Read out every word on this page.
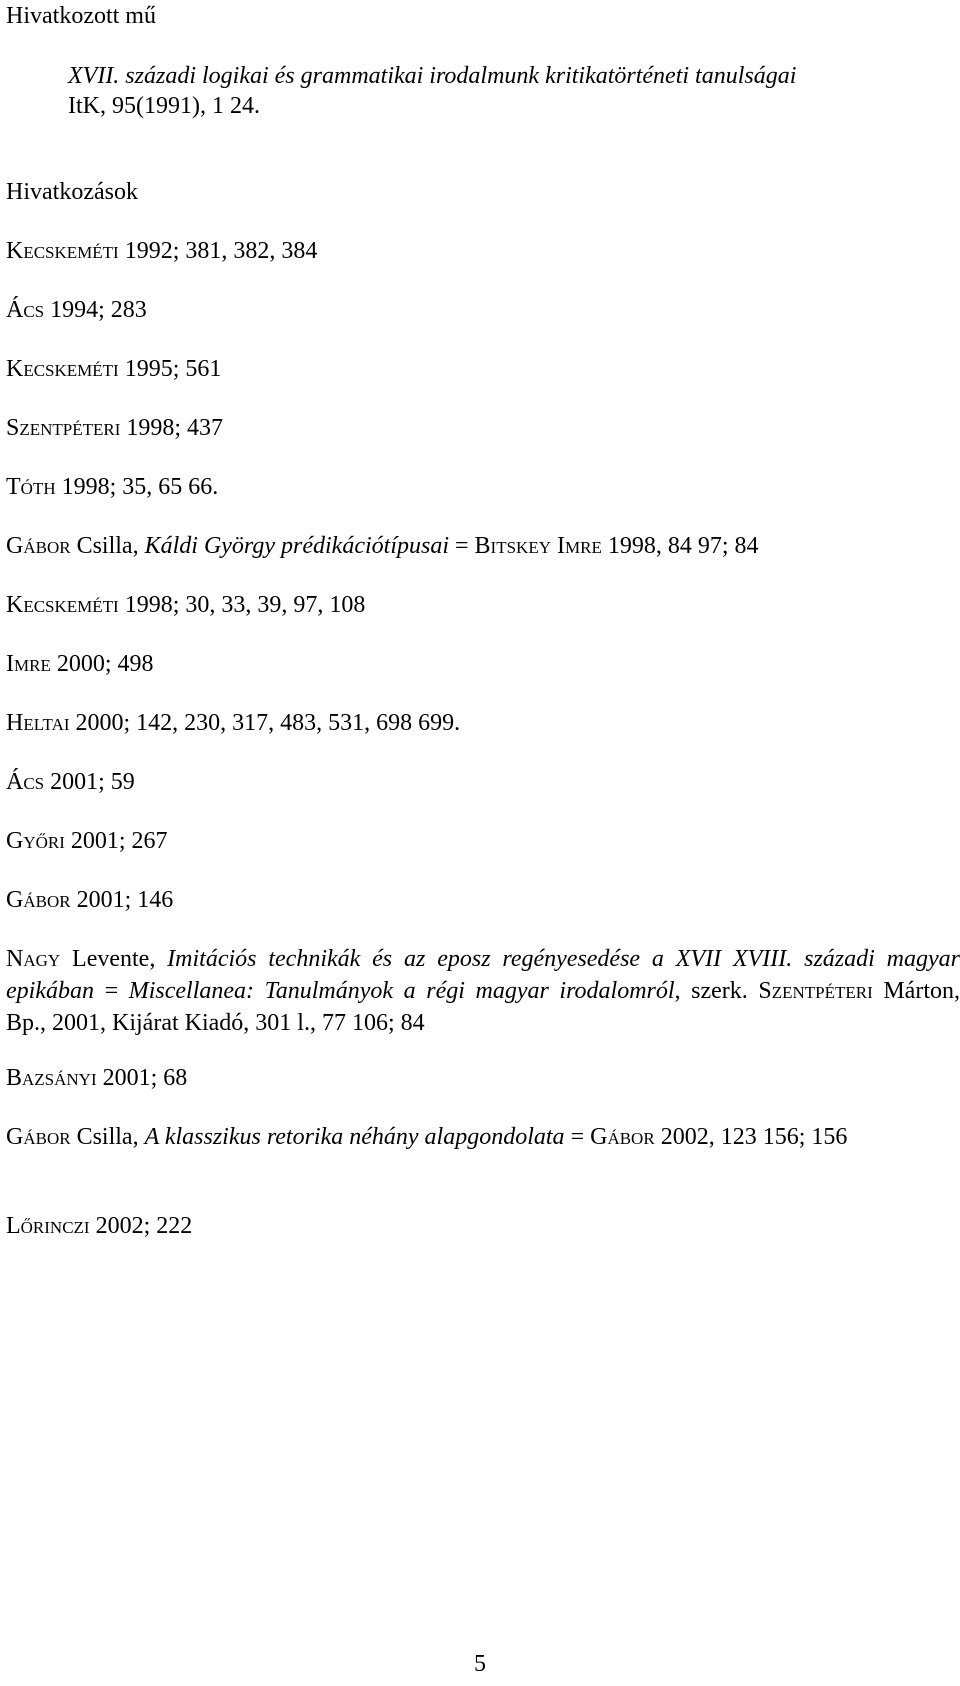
Hivatkozott mű
XVII. századi logikai és grammatikai irodalmunk kritikatörténeti tanulságai
ItK, 95(1991), 1 24.
Hivatkozások
Kecskeméti 1992; 381, 382, 384
Ács 1994; 283
Kecskeméti 1995; 561
Szentpéteri 1998; 437
Tóth 1998; 35, 65 66.
Gábor Csilla, Káldi György prédikációtípusai = Bitskey Imre 1998, 84 97; 84
Kecskeméti 1998; 30, 33, 39, 97, 108
Imre 2000; 498
Heltai 2000; 142, 230, 317, 483, 531, 698 699.
Ács 2001; 59
Győri 2001; 267
Gábor 2001; 146
Nagy Levente, Imitációs technikák és az eposz regényesedése a XVII XVIII. századi magyar epikában = Miscellanea: Tanulmányok a régi magyar irodalomról, szerk. Szentpéteri Márton, Bp., 2001, Kijárat Kiadó, 301 l., 77 106; 84
Bazsányi 2001; 68
Gábor Csilla, A klasszikus retorika néhány alapgondolata = Gábor 2002, 123 156; 156
Lőrinczi 2002; 222
5
